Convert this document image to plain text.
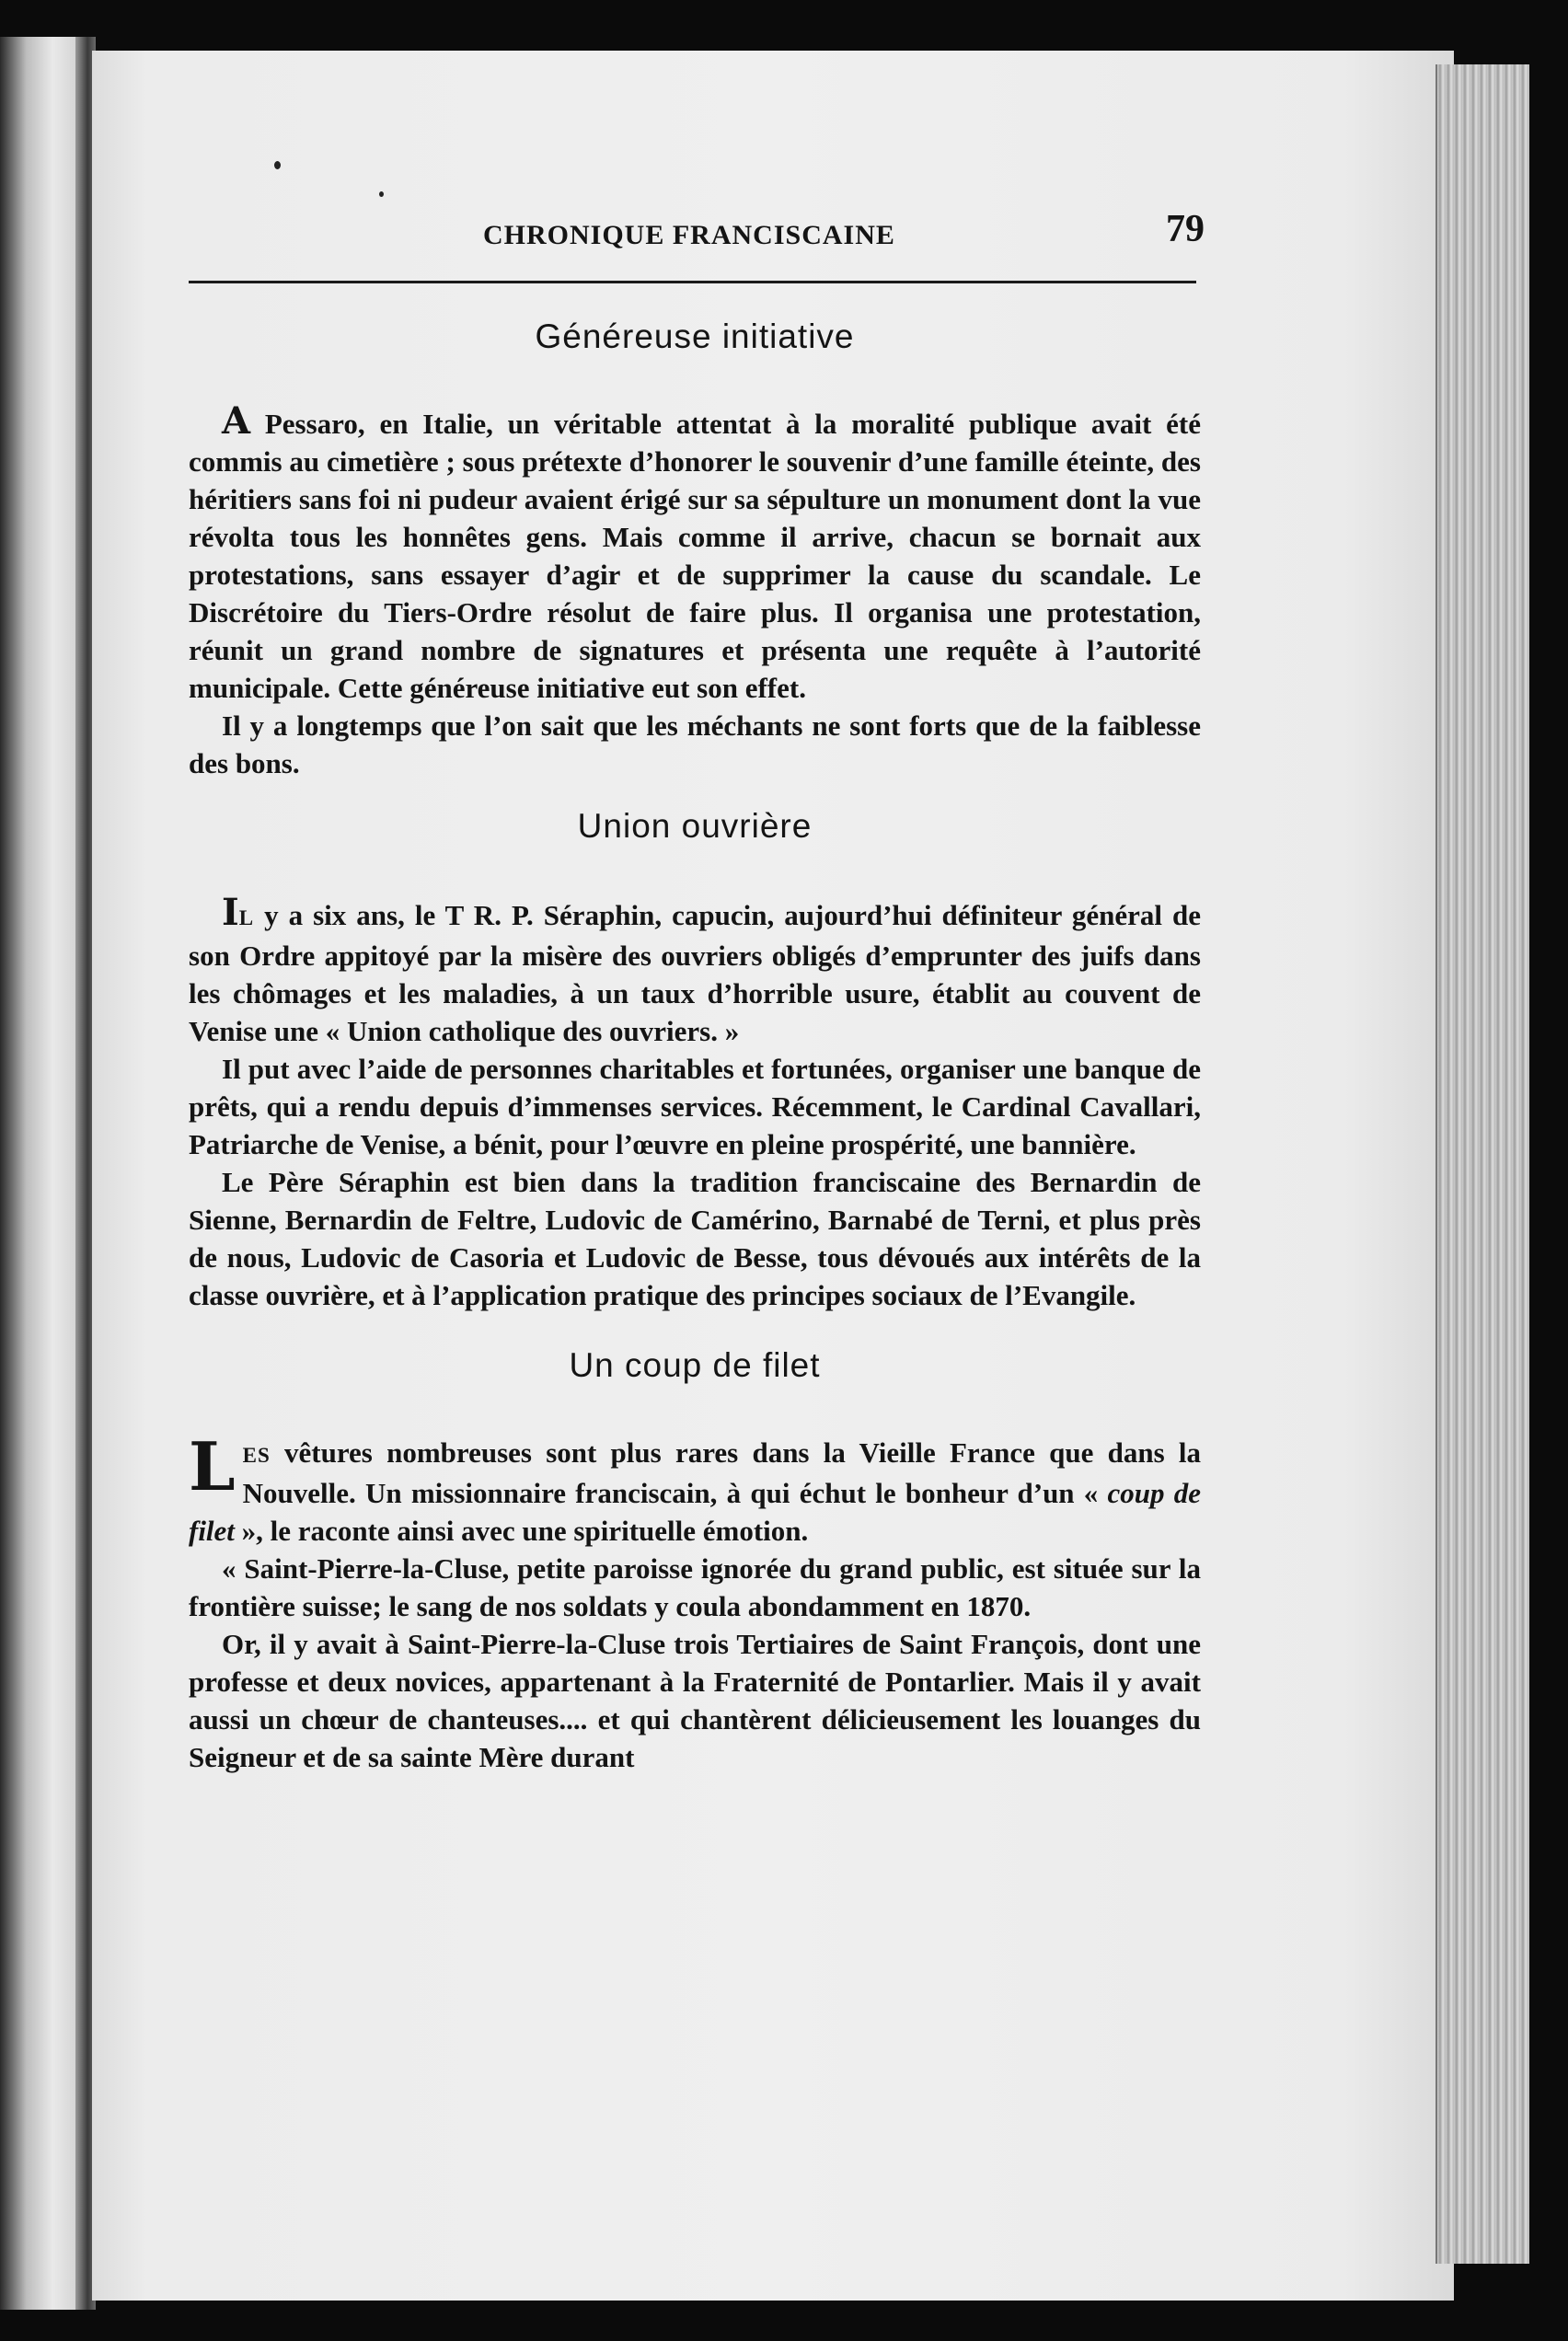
CHRONIQUE FRANCISCAINE	79
Généreuse initiative

A Pessaro, en Italie, un véritable attentat à la moralité publique avait été commis au cimetière ; sous prétexte d’honorer le souvenir d’une famille éteinte, des héritiers sans foi ni pudeur avaient érigé sur sa sépulture un monument dont la vue révolta tous les honnêtes gens. Mais comme il arrive, chacun se bornait aux protestations, sans essayer d’agir et de supprimer la cause du scandale. Le Discrétoire du Tiers-Ordre résolut de faire plus. Il organisa une protestation, réunit un grand nombre de signatures et présenta une requête à l’autorité municipale. Cette généreuse initiative eut son effet.

Il y a longtemps que l’on sait que les méchants ne sont forts que de la faiblesse des bons.

Union ouvrière

IL y a six ans, le T R. P. Séraphin, capucin, aujourd’hui définiteur général de son Ordre appitoyé par la misère des ouvriers obligés d’emprunter des juifs dans les chômages et les maladies, à un taux d’horrible usure, établit au couvent de Venise une « Union catholique des ouvriers. »

Il put avec l’aide de personnes charitables et fortunées, organiser une banque de prêts, qui a rendu depuis d’immenses services. Récemment, le Cardinal Cavallari, Patriarche de Venise, a bénit, pour l’œuvre en pleine prospérité, une bannière.

Le Père Séraphin est bien dans la tradition franciscaine des Bernardin de Sienne, Bernardin de Feltre, Ludovic de Camérino, Barnabé de Terni, et plus près de nous, Ludovic de Casoria et Ludovic de Besse, tous dévoués aux intérêts de la classe ouvrière, et à l’application pratique des principes sociaux de l’Evangile.

Un coup de filet

LES vêtures nombreuses sont plus rares dans la Vieille France que dans la Nouvelle. Un missionnaire franciscain, à qui échut le bonheur d’un « coup de filet », le raconte ainsi avec une spirituelle émotion.

« Saint-Pierre-la-Cluse, petite paroisse ignorée du grand public, est située sur la frontière suisse; le sang de nos soldats y coula abondamment en 1870.

Or, il y avait à Saint-Pierre-la-Cluse trois Tertiaires de Saint François, dont une professe et deux novices, appartenant à la Fraternité de Pontarlier. Mais il y avait aussi un chœur de chanteuses.... et qui chantèrent délicieusement les louanges du Seigneur et de sa sainte Mère durant
